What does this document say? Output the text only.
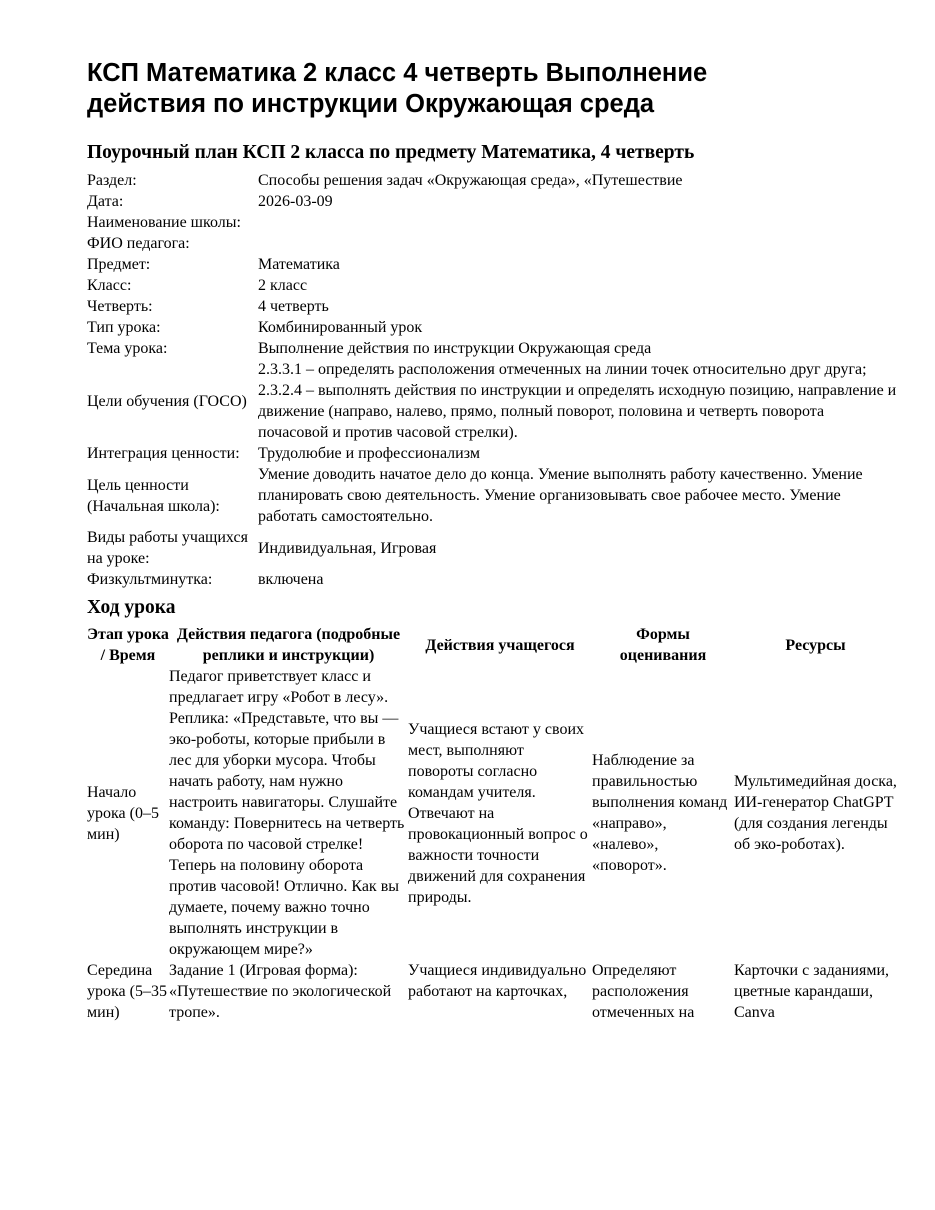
КСП Математика 2 класс 4 четверть Выполнение действия по инструкции Окружающая среда
Поурочный план КСП 2 класса по предмету Математика, 4 четверть
Раздел:	Способы решения задач «Окружающая среда», «Путешествие
Дата:	2026-03-09
Наименование школы:	
ФИО педагога:	
Предмет:	Математика
Класс:	2 класс
Четверть:	4 четверть
Тип урока:	Комбинированный урок
Тема урока:	Выполнение действия по инструкции Окружающая среда
Цели обучения (ГОСО)	2.3.3.1 – определять расположения отмеченных на линии точек относительно друг друга; 2.3.2.4 – выполнять действия по инструкции и определять исходную позицию, направление и движение (направо, налево, прямо, полный поворот, половина и четверть поворота почасовой и против часовой стрелки).
Интеграция ценности:	Трудолюбие и профессионализм
Цель ценности (Начальная школа):	Умение доводить начатое дело до конца. Умение выполнять работу качественно. Умение планировать свою деятельность. Умение организовывать свое рабочее место. Умение работать самостоятельно.
Виды работы учащихся на уроке:	Индивидуальная, Игровая
Физкультминутка:	включена
Ход урока
Этап урока / Время	Действия педагога (подробные реплики и инструкции)	Действия учащегося	Формы оценивания	Ресурсы
Начало урока (0–5 мин)	Педагог приветствует класс и предлагает игру «Робот в лесу». Реплика: «Представьте, что вы — эко-роботы, которые прибыли в лес для уборки мусора. Чтобы начать работу, нам нужно настроить навигаторы. Слушайте команду: Повернитесь на четверть оборота по часовой стрелке! Теперь на половину оборота против часовой! Отлично. Как вы думаете, почему важно точно выполнять инструкции в окружающем мире?»	Учащиеся встают у своих мест, выполняют повороты согласно командам учителя. Отвечают на провокационный вопрос о важности точности движений для сохранения природы.	Наблюдение за правильностью выполнения команд «направо», «налево», «поворот».	Мультимедийная доска, ИИ-генератор ChatGPT (для создания легенды об эко-роботах).
Середина урока (5–35 мин)	Задание 1 (Игровая форма): «Путешествие по экологической тропе».	Учащиеся индивидуально работают на карточках,	Определяют расположения отмеченных на	Карточки с заданиями, цветные карандаши, Canva
